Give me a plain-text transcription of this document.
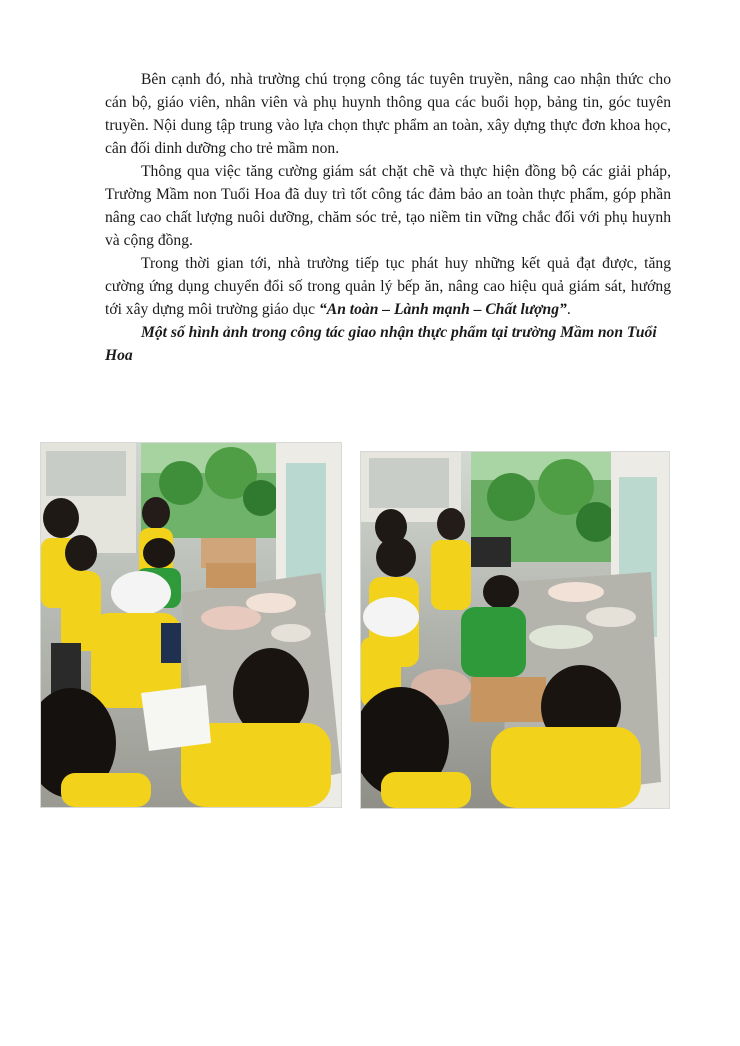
Bên cạnh đó, nhà trường chú trọng công tác tuyên truyền, nâng cao nhận thức cho cán bộ, giáo viên, nhân viên và phụ huynh thông qua các buổi họp, bảng tin, góc tuyên truyền. Nội dung tập trung vào lựa chọn thực phẩm an toàn, xây dựng thực đơn khoa học, cân đối dinh dưỡng cho trẻ mầm non.

Thông qua việc tăng cường giám sát chặt chẽ và thực hiện đồng bộ các giải pháp, Trường Mầm non Tuổi Hoa đã duy trì tốt công tác đảm bảo an toàn thực phẩm, góp phần nâng cao chất lượng nuôi dưỡng, chăm sóc trẻ, tạo niềm tin vững chắc đối với phụ huynh và cộng đồng.

Trong thời gian tới, nhà trường tiếp tục phát huy những kết quả đạt được, tăng cường ứng dụng chuyển đổi số trong quản lý bếp ăn, nâng cao hiệu quả giám sát, hướng tới xây dựng môi trường giáo dục “An toàn – Lành mạnh – Chất lượng”.

Một số hình ảnh trong công tác giao nhận thực phẩm tại trường Mầm non Tuổi Hoa
